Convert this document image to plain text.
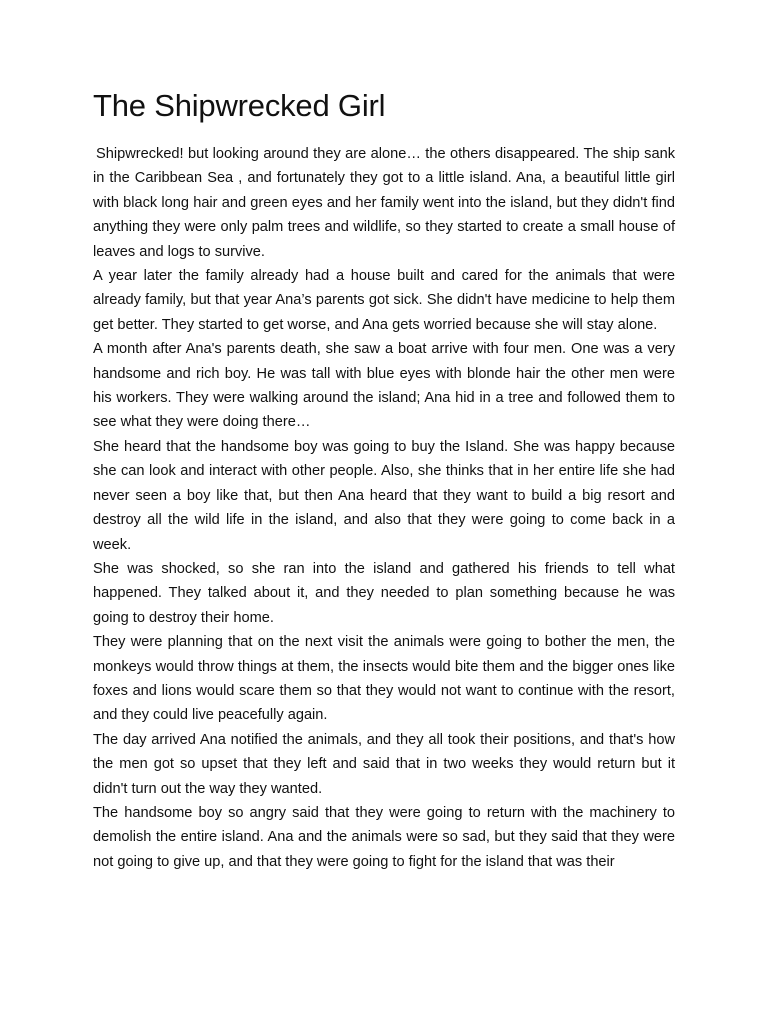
The Shipwrecked Girl

Shipwrecked! but looking around they are alone… the others disappeared. The ship sank in the Caribbean Sea , and fortunately they got to a little island. Ana, a beautiful little girl with black long hair and green eyes and her family went into the island, but they didn't find anything they were only palm trees and wildlife, so they started to create a small house of leaves and logs to survive.

A year later the family already had a house built and cared for the animals that were already family, but that year Ana’s parents got sick. She didn't have medicine to help them get better. They started to get worse, and Ana gets worried because she will stay alone.

A month after Ana's parents death, she saw a boat arrive with four men. One was a very handsome and rich boy. He was tall with blue eyes with blonde hair the other men were his workers. They were walking around the island; Ana hid in a tree and followed them to see what they were doing there…

She heard that the handsome boy was going to buy the Island. She was happy because she can look and interact with other people. Also, she thinks that in her entire life she had never seen a boy like that, but then Ana heard that they want to build a big resort and destroy all the wild life in the island, and also that they were going to come back in a week.

She was shocked, so she ran into the island and gathered his friends to tell what happened. They talked about it, and they needed to plan something because he was going to destroy their home.

They were planning that on the next visit the animals were going to bother the men, the monkeys would throw things at them, the insects would bite them and the bigger ones like foxes and lions would scare them so that they would not want to continue with the resort, and they could live peacefully again.

The day arrived Ana notified the animals, and they all took their positions, and that's how the men got so upset that they left and said that in two weeks they would return but it didn't turn out the way they wanted.

The handsome boy so angry said that they were going to return with the machinery to demolish the entire island. Ana and the animals were so sad, but they said that they were not going to give up, and that they were going to fight for the island that was their
